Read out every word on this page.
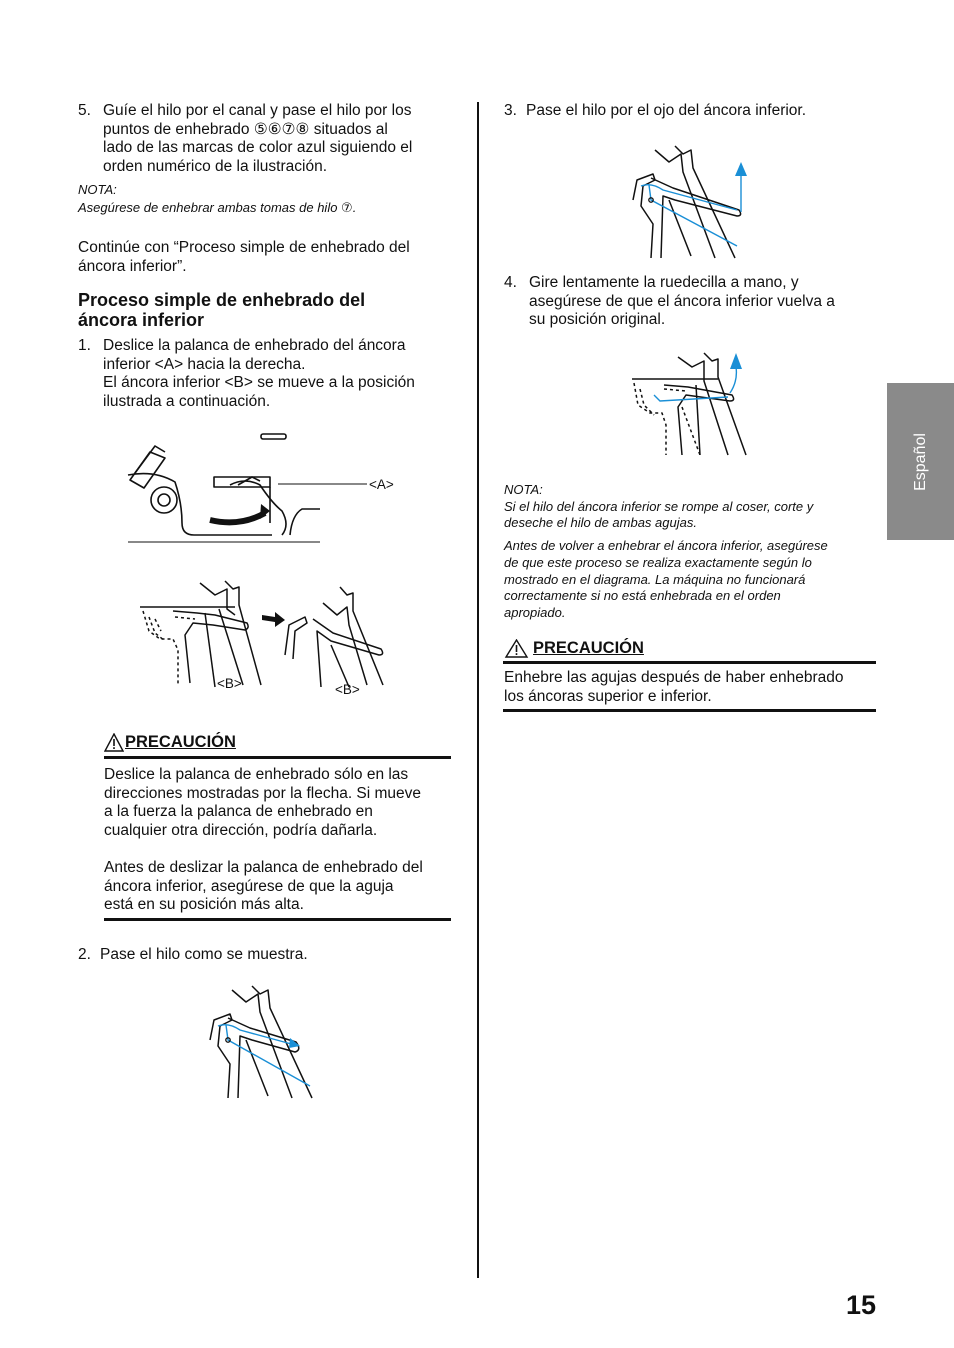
5. Guíe el hilo por el canal y pase el hilo por los
puntos de enhebrado ⑤⑥⑦⑧ situados al
lado de las marcas de color azul siguiendo el
orden numérico de la ilustración.
NOTA:
Asegúrese de enhebrar ambas tomas de hilo ⑦.
Continúe con “Proceso simple de enhebrado del
áncora inferior”.
Proceso simple de enhebrado del
áncora inferior
1. Deslice la palanca de enhebrado del áncora
inferior <A> hacia la derecha.
El áncora inferior <B> se mueve a la posición
ilustrada a continuación.
<A>
<B>	<B>
PRECAUCIÓN
Deslice la palanca de enhebrado sólo en las
direcciones mostradas por la flecha. Si mueve
a la fuerza la palanca de enhebrado en
cualquier otra dirección, podría dañarla.
Antes de deslizar la palanca de enhebrado del
áncora inferior, asegúrese de que la aguja
está en su posición más alta.
2. Pase el hilo como se muestra.
3. Pase el hilo por el ojo del áncora inferior.
4. Gire lentamente la ruedecilla a mano, y
asegúrese de que el áncora inferior vuelva a
su posición original.
NOTA:
Si el hilo del áncora inferior se rompe al coser, corte y
deseche el hilo de ambas agujas.
Antes de volver a enhebrar el áncora inferior, asegúrese
de que este proceso se realiza exactamente según lo
mostrado en el diagrama. La máquina no funcionará
correctamente si no está enhebrada en el orden
apropiado.
PRECAUCIÓN
Enhebre las agujas después de haber enhebrado
los áncoras superior e inferior.
Español
15
